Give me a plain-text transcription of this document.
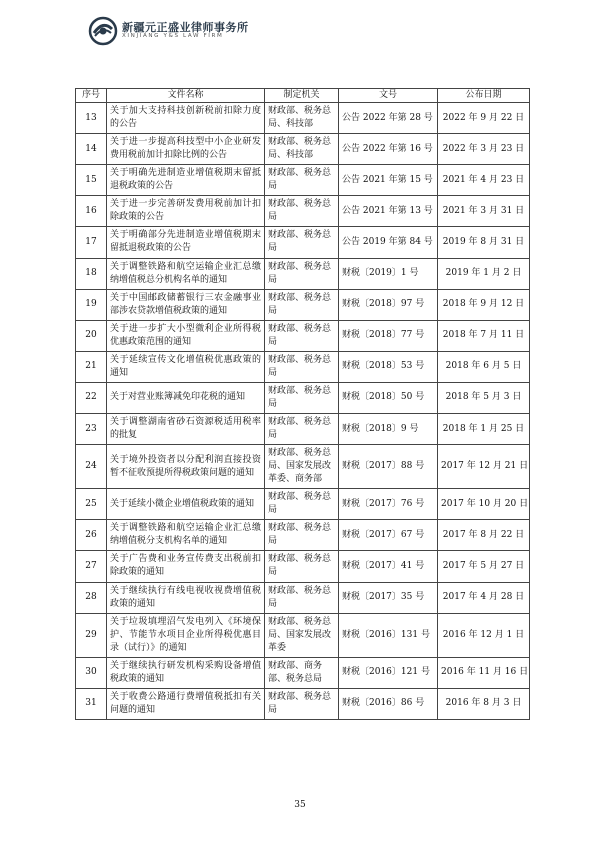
新疆元正盛业律师事务所
XINJIANG Y&S LAW FIRM
序号	文件名称	制定机关	文号	公布日期
13	关于加大支持科技创新税前扣除力度的公告	财政部、税务总局、科技部	公告 2022 年第 28 号	2022 年 9 月 22 日
14	关于进一步提高科技型中小企业研发费用税前加计扣除比例的公告	财政部、税务总局、科技部	公告 2022 年第 16 号	2022 年 3 月 23 日
15	关于明确先进制造业增值税期末留抵退税政策的公告	财政部、税务总局	公告 2021 年第 15 号	2021 年 4 月 23 日
16	关于进一步完善研发费用税前加计扣除政策的公告	财政部、税务总局	公告 2021 年第 13 号	2021 年 3 月 31 日
17	关于明确部分先进制造业增值税期末留抵退税政策的公告	财政部、税务总局	公告 2019 年第 84 号	2019 年 8 月 31 日
18	关于调整铁路和航空运输企业汇总缴纳增值税总分机构名单的通知	财政部、税务总局	财税〔2019〕1 号	2019 年 1 月 2 日
19	关于中国邮政储蓄银行三农金融事业部涉农贷款增值税政策的通知	财政部、税务总局	财税〔2018〕97 号	2018 年 9 月 12 日
20	关于进一步扩大小型微利企业所得税优惠政策范围的通知	财政部、税务总局	财税〔2018〕77 号	2018 年 7 月 11 日
21	关于延续宣传文化增值税优惠政策的通知	财政部、税务总局	财税〔2018〕53 号	2018 年 6 月 5 日
22	关于对营业账簿减免印花税的通知	财政部、税务总局	财税〔2018〕50 号	2018 年 5 月 3 日
23	关于调整湖南省砂石资源税适用税率的批复	财政部、税务总局	财税〔2018〕9 号	2018 年 1 月 25 日
24	关于境外投资者以分配利润直接投资暂不征收预提所得税政策问题的通知	财政部、税务总局、国家发展改革委、商务部	财税〔2017〕88 号	2017 年 12 月 21 日
25	关于延续小微企业增值税政策的通知	财政部、税务总局	财税〔2017〕76 号	2017 年 10 月 20 日
26	关于调整铁路和航空运输企业汇总缴纳增值税分支机构名单的通知	财政部、税务总局	财税〔2017〕67 号	2017 年 8 月 22 日
27	关于广告费和业务宣传费支出税前扣除政策的通知	财政部、税务总局	财税〔2017〕41 号	2017 年 5 月 27 日
28	关于继续执行有线电视收视费增值税政策的通知	财政部、税务总局	财税〔2017〕35 号	2017 年 4 月 28 日
29	关于垃圾填埋沼气发电列入《环境保护、节能节水项目企业所得税优惠目录（试行）》的通知	财政部、税务总局、国家发展改革委	财税〔2016〕131 号	2016 年 12 月 1 日
30	关于继续执行研发机构采购设备增值税政策的通知	财政部、商务部、税务总局	财税〔2016〕121 号	2016 年 11 月 16 日
31	关于收费公路通行费增值税抵扣有关问题的通知	财政部、税务总局	财税〔2016〕86 号	2016 年 8 月 3 日
35
